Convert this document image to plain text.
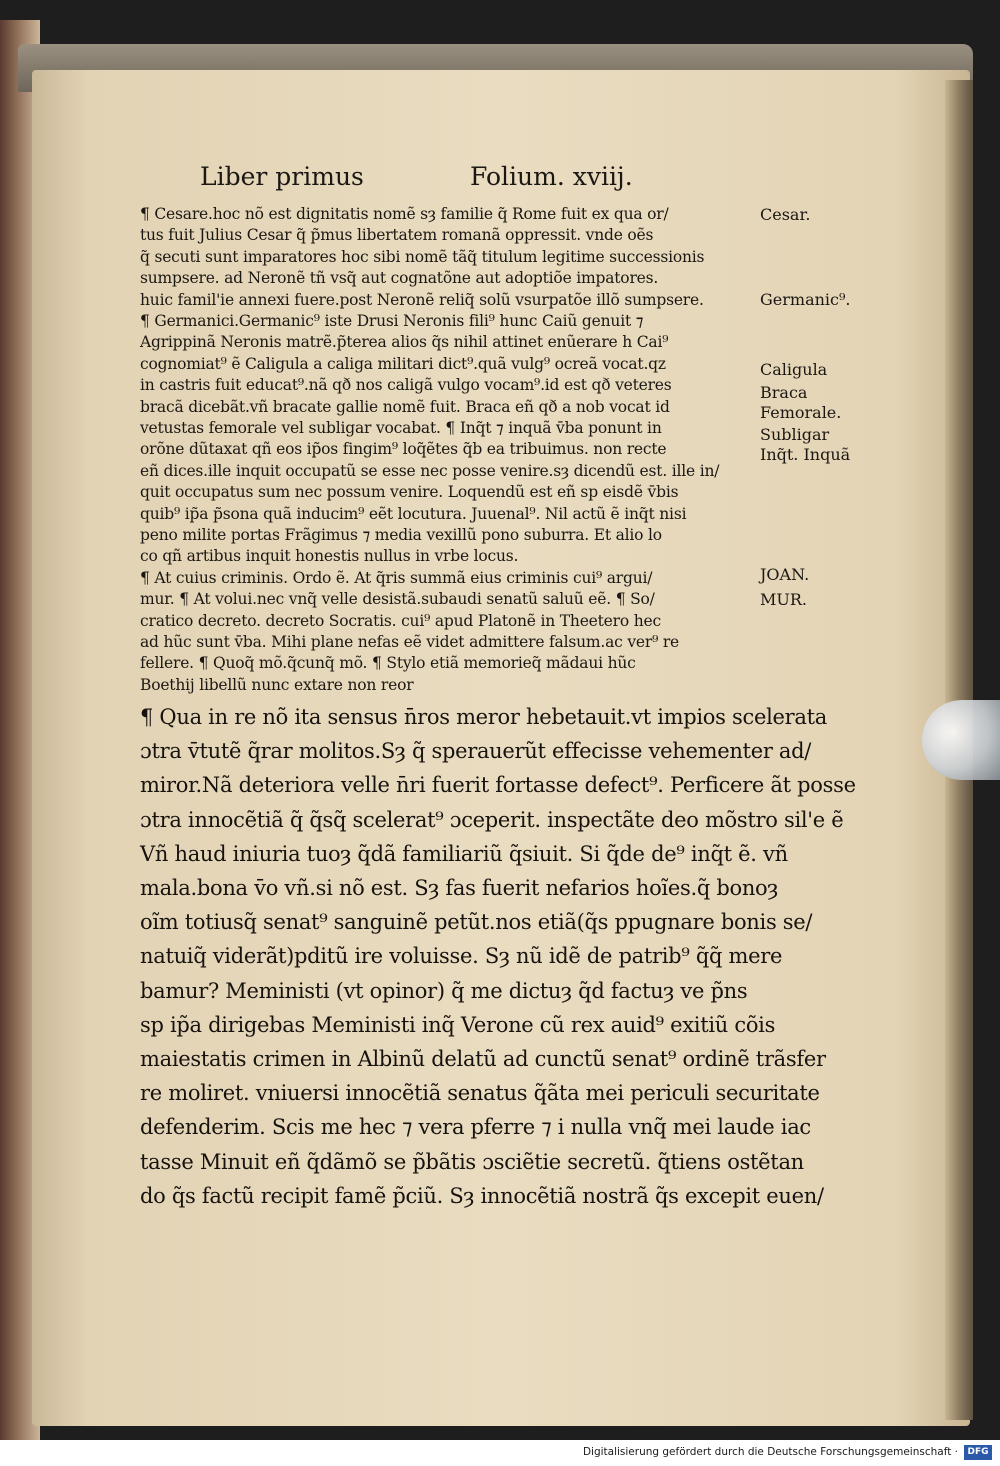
Liber primus	Folium. xviij.
¶ Cesare.hoc nõ est dignitatis nomẽ sȝ familie q̃ Rome fuit ex qua or/
tus fuit Julius Cesar q̃ p̃mus libertatem romanã oppressit. vnde oẽs
q̃ secuti sunt imparatores hoc sibi nomẽ tãq̃ titulum legitime successionis
sumpsere. ad Neronẽ tñ vsq̃ aut cognatõne aut adoptiõe impatores.
huic famil'ie annexi fuere.post Neronẽ reliq̃ solũ vsurpatõe illõ sumpsere.
¶ Germanici.Germanic⁹ iste Drusi Neronis fili⁹ hunc Caiũ genuit ⁊
Agrippinã Neronis matrẽ.p̃terea alios q̃s nihil attinet enũerare h Cai⁹
cognomiat⁹ ẽ Caligula a caliga militari dict⁹.quã vulg⁹ ocreã vocat.qz
in castris fuit educat⁹.nã qð nos caligã vulgo vocam⁹.id est qð veteres
bracã dicebãt.vñ bracate gallie nomẽ fuit. Braca eñ qð a nob vocat id
vetustas femorale vel subligar vocabat. ¶ Inq̃t ⁊ inquã v̄ba ponunt in
orõne dũtaxat qñ eos ip̃os fingim⁹ loq̃ẽtes q̃b ea tribuimus. non recte
eñ dices.ille inquit occupatũ se esse nec posse venire.sȝ dicendũ est. ille in/
quit occupatus sum nec possum venire. Loquendũ est eñ sp eisdẽ v̄bis
quib⁹ ip̃a p̃sona quã inducim⁹ eẽt locutura. Juuenal⁹. Nil actũ ẽ inq̃t nisi
peno milite portas Frãgimus ⁊ media vexillũ pono suburra. Et alio lo
co qñ artibus inquit honestis nullus in vrbe locus.
¶ At cuius criminis. Ordo ẽ. At q̃ris summã eius criminis cui⁹ argui/
mur. ¶ At volui.nec vnq̃ velle desistã.subaudi senatũ saluũ eẽ. ¶ So/
cratico decreto. decreto Socratis. cui⁹ apud Platonẽ in Theetero hec
ad hũc sunt v̄ba. Mihi plane nefas eẽ videt admittere falsum.ac ver⁹ re
fellere. ¶ Quoq̃ mõ.q̃cunq̃ mõ. ¶ Stylo etiã memorieq̃ mãdaui hũc
Boethij libellũ nunc extare non reor
Cesar.
Germanic⁹.
Caligula
Braca
Femorale.
Subligar
Inq̃t. Inquã
JOAN.
MUR.
¶ Qua in re nõ ita sensus n̄ros meror hebetauit.vt impios scelerata
ɔtra v̄tutẽ q̃rar molitos.Sȝ q̃ sperauerũt effecisse vehementer ad/
miror.Nã deteriora velle n̄ri fuerit fortasse defect⁹. Perficere ãt posse
ɔtra innocẽtiã q̃ q̃sq̃ scelerat⁹ ɔceperit. inspectãte deo mõstro sil'e ẽ
Vñ haud iniuria tuoȝ q̃dã familiariũ q̃siuit. Si q̃de de⁹ inq̃t ẽ. vñ
mala.bona v̄o vñ.si nõ est. Sȝ fas fuerit nefarios hoĩes.q̃ bonoȝ
oĩm totiusq̃ senat⁹ sanguinẽ petũt.nos etiã(q̃s ppugnare bonis se/
natuiq̃ viderãt)pditũ ire voluisse. Sȝ nũ idẽ de patrib⁹ q̃q̃ mere
bamur? Meministi (vt opinor) q̃ me dictuȝ q̃d factuȝ ve p̃ns
sp ip̃a dirigebas Meministi inq̃ Verone cũ rex auid⁹ exitiũ cõis
maiestatis crimen in Albinũ delatũ ad cunctũ senat⁹ ordinẽ trãsfer
re moliret. vniuersi innocẽtiã senatus q̃ãta mei periculi securitate
defenderim. Scis me hec ⁊ vera pferre ⁊ i nulla vnq̃ mei laude iac
tasse Minuit eñ q̃dãmõ se p̃bãtis ɔsciẽtie secretũ. q̃tiens ostẽtan
do q̃s factũ recipit famẽ p̃ciũ. Sȝ innocẽtiã nostrã q̃s excepit euen/
Digitalisierung gefördert durch die Deutsche Forschungsgemeinschaft ·	DFG
